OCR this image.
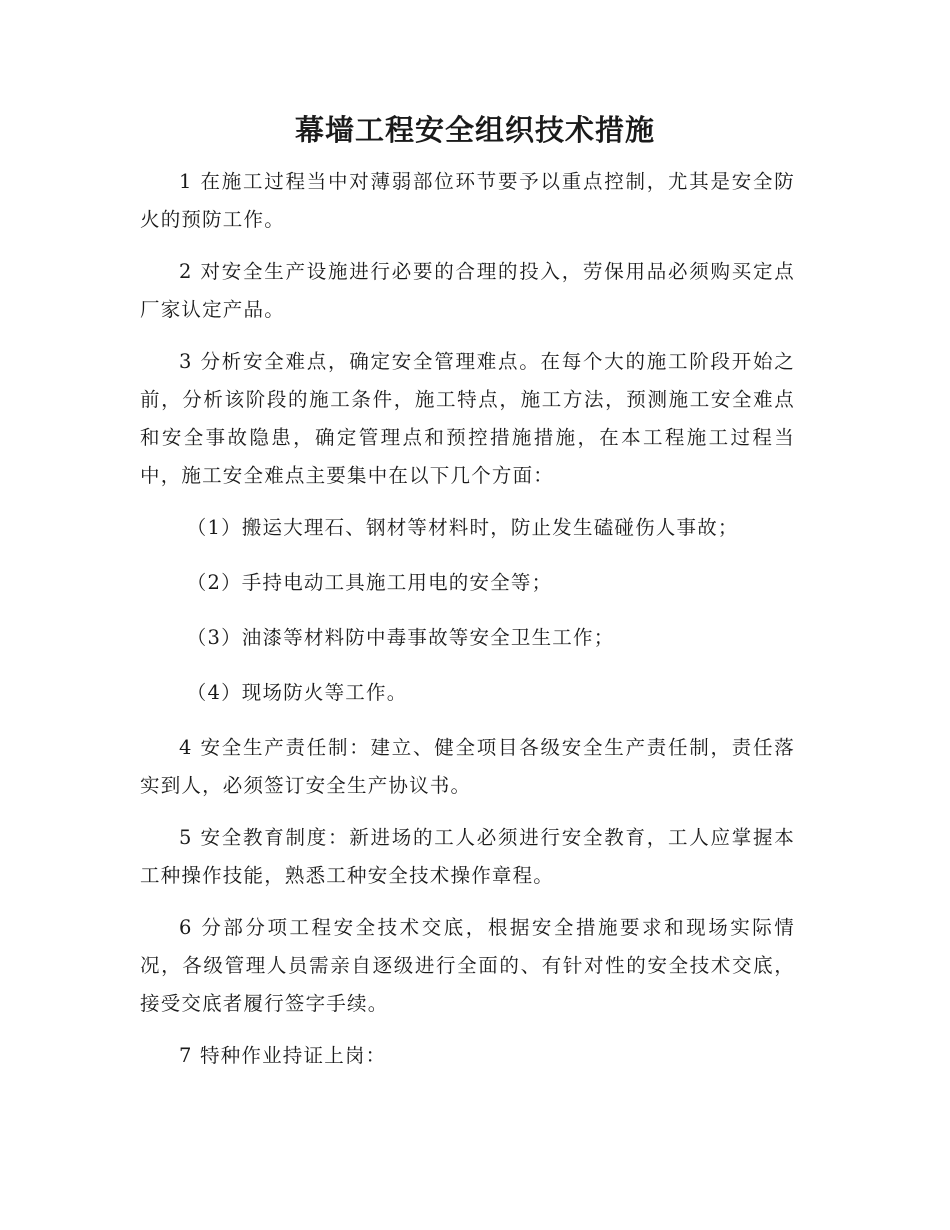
幕墙工程安全组织技术措施

1 在施工过程当中对薄弱部位环节要予以重点控制，尤其是安全防火的预防工作。

2 对安全生产设施进行必要的合理的投入，劳保用品必须购买定点厂家认定产品。

3 分析安全难点，确定安全管理难点。在每个大的施工阶段开始之前，分析该阶段的施工条件，施工特点，施工方法，预测施工安全难点和安全事故隐患，确定管理点和预控措施措施，在本工程施工过程当中，施工安全难点主要集中在以下几个方面：

（1）搬运大理石、钢材等材料时，防止发生磕碰伤人事故；

（2）手持电动工具施工用电的安全等；

（3）油漆等材料防中毒事故等安全卫生工作；

（4）现场防火等工作。

4 安全生产责任制：建立、健全项目各级安全生产责任制，责任落实到人，必须签订安全生产协议书。

5 安全教育制度：新进场的工人必须进行安全教育，工人应掌握本工种操作技能，熟悉工种安全技术操作章程。

6 分部分项工程安全技术交底，根据安全措施要求和现场实际情况，各级管理人员需亲自逐级进行全面的、有针对性的安全技术交底，接受交底者履行签字手续。

7 特种作业持证上岗：
